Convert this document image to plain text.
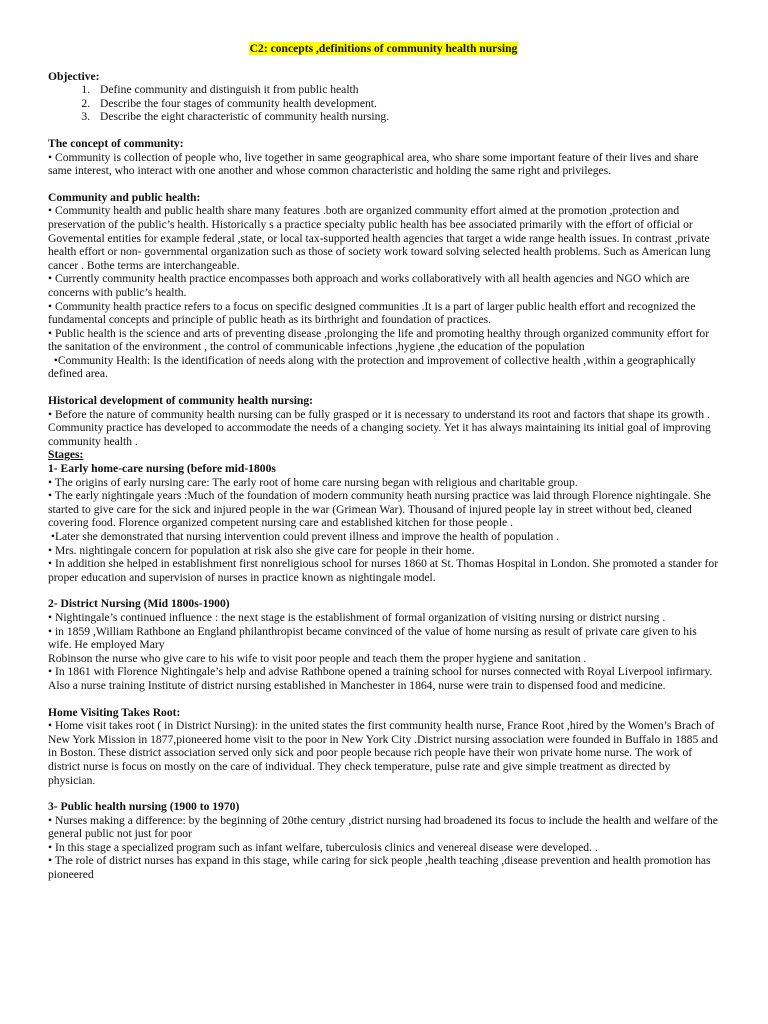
C2: concepts ,definitions of community health nursing
Objective:
1. Define community and distinguish it from public health
2. Describe the four stages of community health development.
3. Describe the eight characteristic of community health nursing.
The concept of community:

• Community is collection of people who, live together in same geographical area, who share some important feature of their lives and share same interest, who interact with one another and whose common characteristic and holding the same right and privileges.

Community and public health:

• Community health and public health share many features .both are organized community effort aimed at the promotion ,protection and preservation of the public’s health. Historically s a practice specialty public health has bee associated primarily with the effort of official or Govemental entities for example federal ,state, or local tax-supported health agencies that target a wide range health issues. In contrast ,private health effort or non- governmental organization such as those of society work toward solving selected health problems. Such as American lung cancer . Bothe terms are interchangeable.

• Currently community health practice encompasses both approach and works collaboratively with all health agencies and NGO which are concerns with public’s health.

• Community health practice refers to a focus on specific designed communities .It is a part of larger public health effort and recognized the fundamental concepts and principle of public heath as its birthright and foundation of practices.

• Public health is the science and arts of preventing disease ,prolonging the life and promoting healthy through organized community effort for the sanitation of the environment , the control of communicable infections ,hygiene ,the education of the population

•Community Health: Is the identification of needs along with the protection and improvement of collective health ,within a geographically defined area.

Historical development of community health nursing:

• Before the nature of community health nursing can be fully grasped or it is necessary to understand its root and factors that shape its growth . Community practice has developed to accommodate the needs of a changing society. Yet it has always maintaining its initial goal of improving community health .

Stages:
1- Early home-care nursing (before mid-1800s

• The origins of early nursing care: The early root of home care nursing began with religious and charitable group.

• The early nightingale years :Much of the foundation of modern community heath nursing practice was laid through Florence nightingale. She started to give care for the sick and injured people in the war (Grimean War). Thousand of injured people lay in street without bed, cleaned covering food. Florence organized competent nursing care and established kitchen for those people .

•Later she demonstrated that nursing intervention could prevent illness and improve the health of population .

• Mrs. nightingale concern for population at risk also she give care for people in their home.

• In addition she helped in establishment first nonreligious school for nurses 1860 at St. Thomas Hospital in London. She promoted a stander for proper education and supervision of nurses in practice known as nightingale model.

2- District Nursing (Mid 1800s-1900)

• Nightingale’s continued influence : the next stage is the establishment of formal organization of visiting nursing or district nursing .

• in 1859 ,William Rathbone an England philanthropist became convinced of the value of home nursing as result of private care given to his wife. He employed Mary

Robinson the nurse who give care to his wife to visit poor people and teach them the proper hygiene and sanitation .

• In 1861 with Florence Nightingale’s help and advise Rathbone opened a training school for nurses connected with Royal Liverpool infirmary. Also a nurse training Institute of district nursing established in Manchester in 1864, nurse were train to dispensed food and medicine.

Home Visiting Takes Root:

• Home visit takes root ( in District Nursing): in the united states the first community health nurse, France Root ,hired by the Women’s Brach of New York Mission in 1877,pioneered home visit to the poor in New York City .District nursing association were founded in Buffalo in 1885 and in Boston. These district association served only sick and poor people because rich people have their won private home nurse. The work of district nurse is focus on mostly on the care of individual. They check temperature, pulse rate and give simple treatment as directed by physician.

3- Public health nursing (1900 to 1970)

• Nurses making a difference: by the beginning of 20the century ,district nursing had broadened its focus to include the health and welfare of the general public not just for poor

• In this stage a specialized program such as infant welfare, tuberculosis clinics and venereal disease were developed. .

• The role of district nurses has expand in this stage, while caring for sick people ,health teaching ,disease prevention and health promotion has pioneered
